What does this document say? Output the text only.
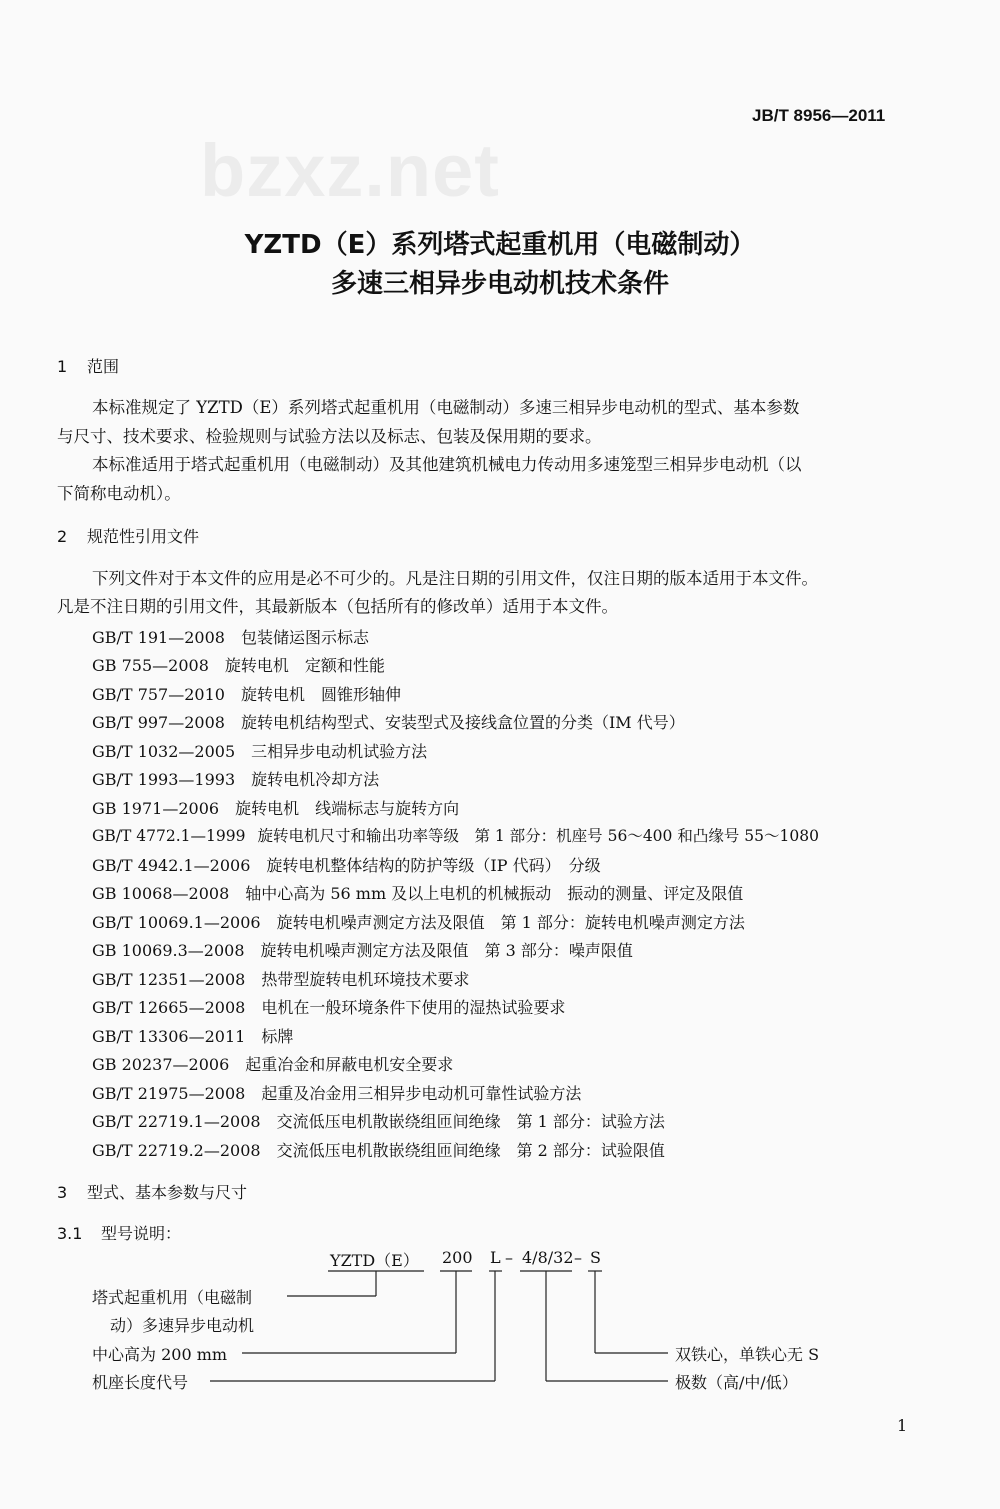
JB/T 8956—2011
bzxz.net
YZTD（E）系列塔式起重机用（电磁制动）
多速三相异步电动机技术条件
1 范围
本标准规定了 YZTD（E）系列塔式起重机用（电磁制动）多速三相异步电动机的型式、基本参数
与尺寸、技术要求、检验规则与试验方法以及标志、包装及保用期的要求。
本标准适用于塔式起重机用（电磁制动）及其他建筑机械电力传动用多速笼型三相异步电动机（以
下简称电动机）。
2 规范性引用文件
下列文件对于本文件的应用是必不可少的。凡是注日期的引用文件，仅注日期的版本适用于本文件。
凡是不注日期的引用文件，其最新版本（包括所有的修改单）适用于本文件。
GB/T 191—2008 包装储运图示标志
GB 755—2008 旋转电机　定额和性能
GB/T 757—2010 旋转电机　圆锥形轴伸
GB/T 997—2008 旋转电机结构型式、安装型式及接线盒位置的分类（IM 代号）
GB/T 1032—2005 三相异步电动机试验方法
GB/T 1993—1993 旋转电机冷却方法
GB 1971—2006 旋转电机　线端标志与旋转方向
GB/T 4772.1—1999 旋转电机尺寸和输出功率等级　第 1 部分：机座号 56～400 和凸缘号 55～1080
GB/T 4942.1—2006 旋转电机整体结构的防护等级（IP 代码）　分级
GB 10068—2008 轴中心高为 56 mm 及以上电机的机械振动　振动的测量、评定及限值
GB/T 10069.1—2006 旋转电机噪声测定方法及限值　第 1 部分：旋转电机噪声测定方法
GB 10069.3—2008 旋转电机噪声测定方法及限值　第 3 部分：噪声限值
GB/T 12351—2008 热带型旋转电机环境技术要求
GB/T 12665—2008 电机在一般环境条件下使用的湿热试验要求
GB/T 13306—2011 标牌
GB 20237—2006 起重冶金和屏蔽电机安全要求
GB/T 21975—2008 起重及冶金用三相异步电动机可靠性试验方法
GB/T 22719.1—2008 交流低压电机散嵌绕组匝间绝缘　第 1 部分：试验方法
GB/T 22719.2—2008 交流低压电机散嵌绕组匝间绝缘　第 2 部分：试验限值
3 型式、基本参数与尺寸
3.1 型号说明：
YZTD（E） 200 L – 4/8/32 – S
塔式起重机用（电磁制
动）多速异步电动机
中心高为 200 mm
机座长度代号
双铁心，单铁心无 S
极数（高/中/低）
1
